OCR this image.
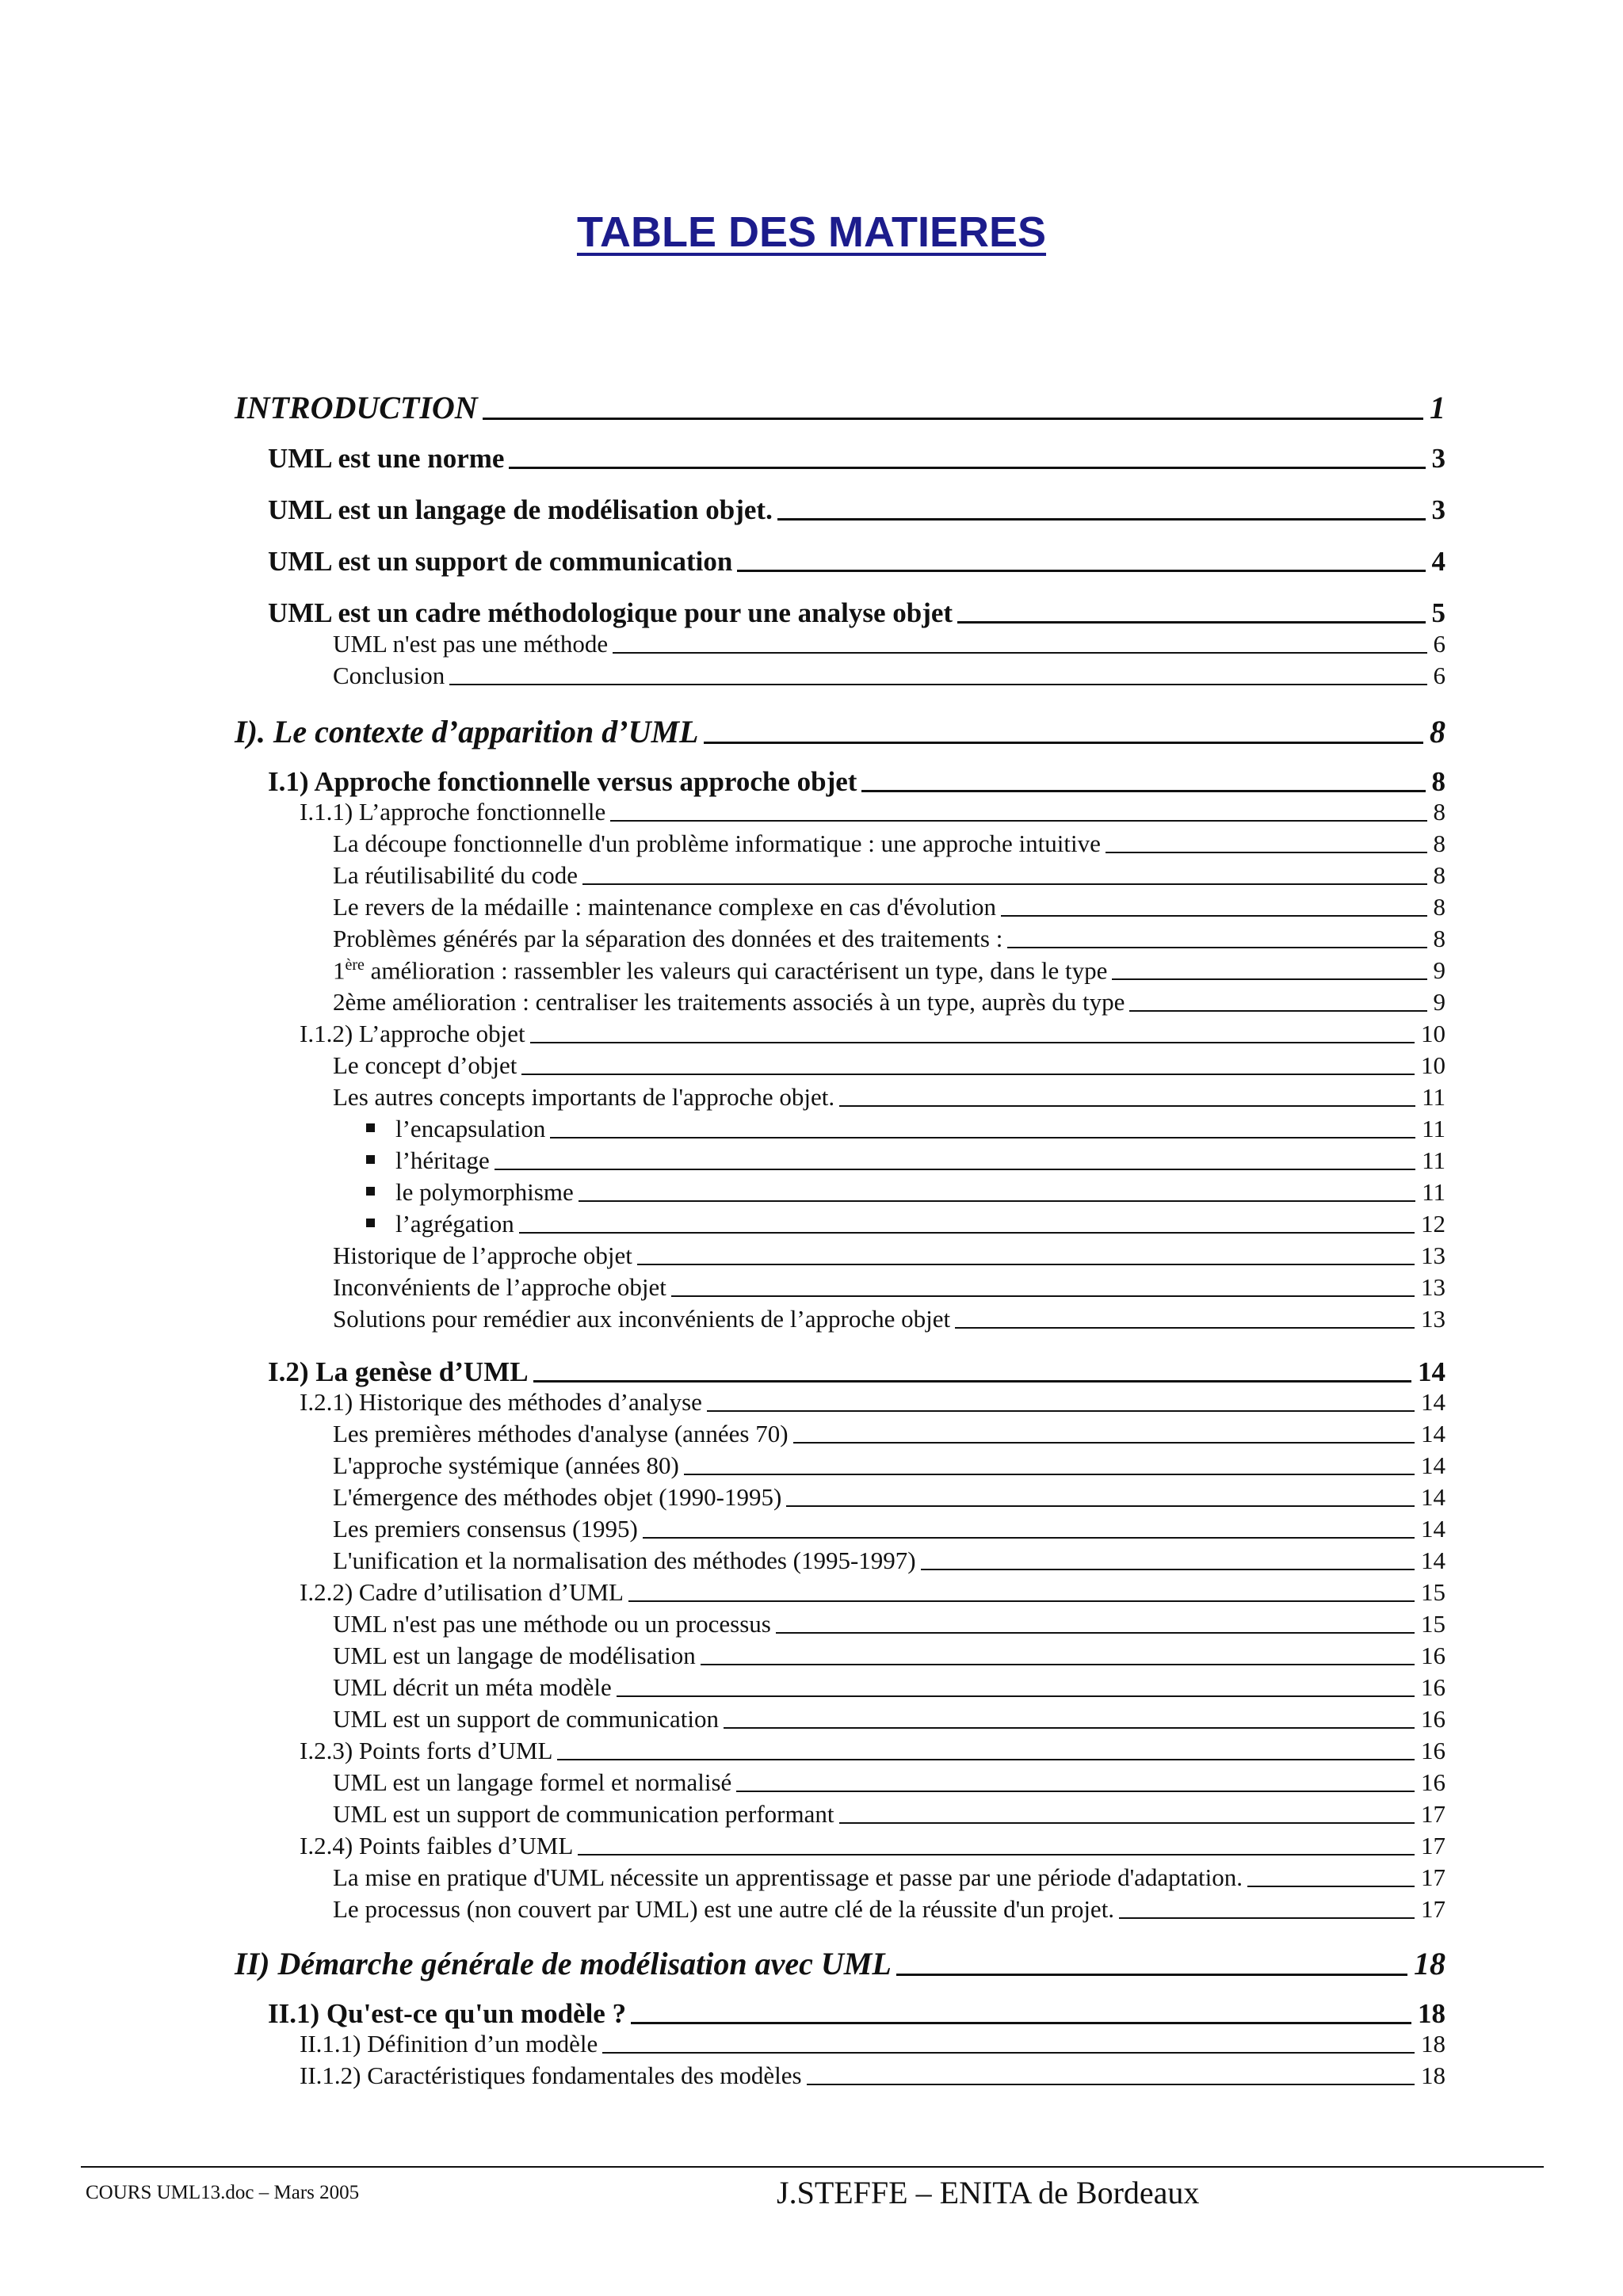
TABLE DES MATIERES
INTRODUCTION	1
UML est une norme	3
UML est un langage de modélisation objet.	3
UML est un support de communication	4
UML est un cadre méthodologique pour une analyse objet	5
UML n'est pas une méthode	6
Conclusion	6
I). Le contexte d’apparition d’UML	8
I.1) Approche fonctionnelle versus approche objet	8
I.1.1) L’approche fonctionnelle	8
La découpe fonctionnelle d'un problème informatique : une approche intuitive	8
La réutilisabilité du code	8
Le revers de la médaille : maintenance complexe en cas d'évolution	8
Problèmes générés par la séparation des données et des traitements :	8
1ère amélioration : rassembler les valeurs qui caractérisent un type, dans le type	9
2ème amélioration : centraliser les traitements associés à un type, auprès du type	9
I.1.2) L’approche objet	10
Le concept d’objet	10
Les autres concepts importants de l'approche objet.	11
l’encapsulation	11
l’héritage	11
le polymorphisme	11
l’agrégation	12
Historique de l’approche objet	13
Inconvénients de l’approche objet	13
Solutions pour remédier aux inconvénients de l’approche objet	13
I.2) La genèse d’UML	14
I.2.1) Historique des méthodes d’analyse	14
Les premières méthodes d'analyse (années 70)	14
L'approche systémique (années 80)	14
L'émergence des méthodes objet (1990-1995)	14
Les premiers consensus (1995)	14
L'unification et la normalisation des méthodes (1995-1997)	14
I.2.2) Cadre d’utilisation d’UML	15
UML n'est pas une méthode ou un processus	15
UML est un langage de modélisation	16
UML décrit un méta modèle	16
UML est un support de communication	16
I.2.3) Points forts d’UML	16
UML est un langage formel et normalisé	16
UML est un support de communication performant	17
I.2.4) Points faibles d’UML	17
La mise en pratique d'UML nécessite un apprentissage et passe par une période d'adaptation.	17
Le processus (non couvert par UML) est une autre clé de la réussite d'un projet.	17
II) Démarche générale de modélisation avec UML	18
II.1) Qu'est-ce qu'un modèle ?	18
II.1.1) Définition d’un modèle	18
II.1.2) Caractéristiques fondamentales des modèles	18
COURS UML13.doc – Mars 2005	J.STEFFE – ENITA de Bordeaux
